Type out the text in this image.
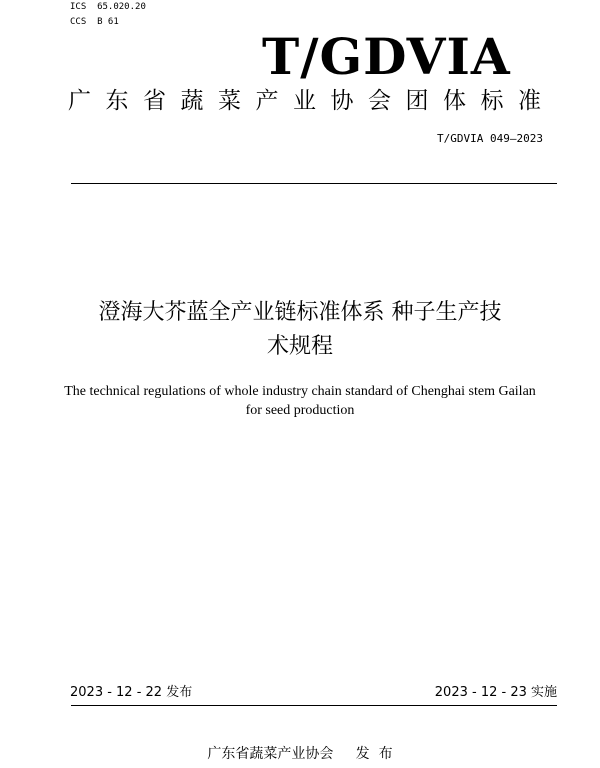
ICS  65.020.20
CCS  B 61
T/GDVIA
广东省蔬菜产业协会团体标准
T/GDVIA 049—2023
澄海大芥蓝全产业链标准体系 种子生产技
术规程
The technical regulations of whole industry chain standard of Chenghai stem Gailan
for seed production
2023 - 12 - 22 发布	2023 - 12 - 23 实施
广东省蔬菜产业协会     发  布
